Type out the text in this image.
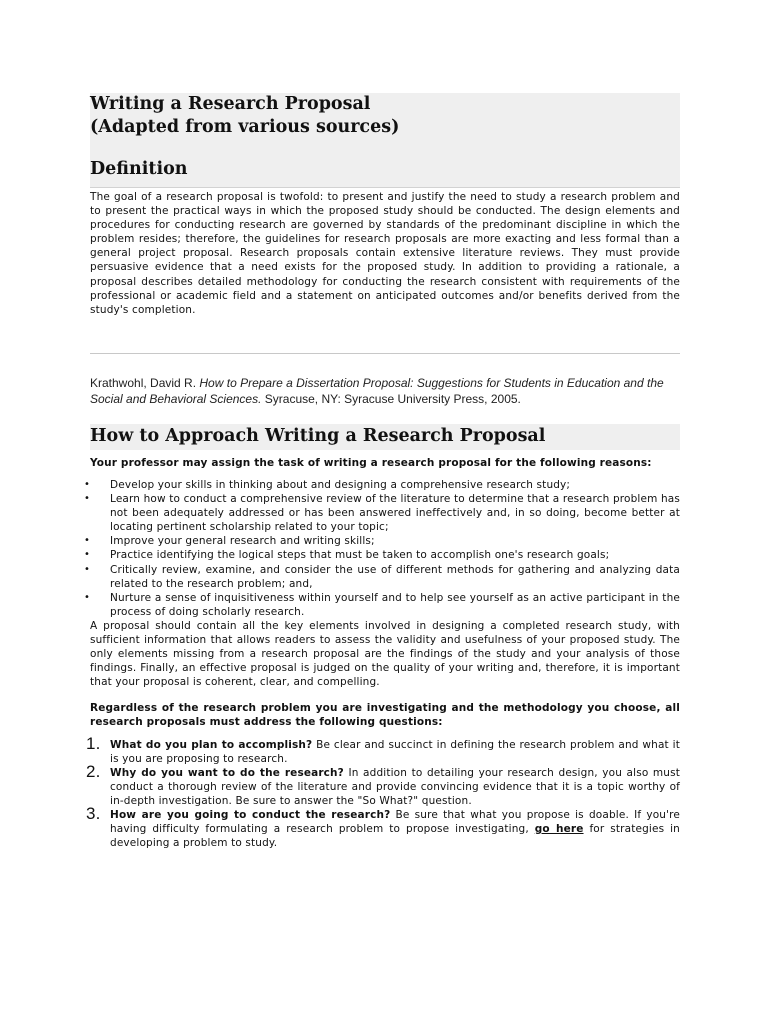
Writing a Research Proposal
(Adapted from various sources)
Definition

The goal of a research proposal is twofold: to present and justify the need to study a research problem and to present the practical ways in which the proposed study should be conducted. The design elements and procedures for conducting research are governed by standards of the predominant discipline in which the problem resides; therefore, the guidelines for research proposals are more exacting and less formal than a general project proposal. Research proposals contain extensive literature reviews. They must provide persuasive evidence that a need exists for the proposed study. In addition to providing a rationale, a proposal describes detailed methodology for conducting the research consistent with requirements of the professional or academic field and a statement on anticipated outcomes and/or benefits derived from the study's completion.

Krathwohl, David R. How to Prepare a Dissertation Proposal: Suggestions for Students in Education and the Social and Behavioral Sciences. Syracuse, NY: Syracuse University Press, 2005.

How to Approach Writing a Research Proposal

Your professor may assign the task of writing a research proposal for the following reasons:

• Develop your skills in thinking about and designing a comprehensive research study;
• Learn how to conduct a comprehensive review of the literature to determine that a research problem has not been adequately addressed or has been answered ineffectively and, in so doing, become better at locating pertinent scholarship related to your topic;
• Improve your general research and writing skills;
• Practice identifying the logical steps that must be taken to accomplish one's research goals;
• Critically review, examine, and consider the use of different methods for gathering and analyzing data related to the research problem; and,
• Nurture a sense of inquisitiveness within yourself and to help see yourself as an active participant in the process of doing scholarly research.

A proposal should contain all the key elements involved in designing a completed research study, with sufficient information that allows readers to assess the validity and usefulness of your proposed study. The only elements missing from a research proposal are the findings of the study and your analysis of those findings. Finally, an effective proposal is judged on the quality of your writing and, therefore, it is important that your proposal is coherent, clear, and compelling.

Regardless of the research problem you are investigating and the methodology you choose, all research proposals must address the following questions:

1. What do you plan to accomplish? Be clear and succinct in defining the research problem and what it is you are proposing to research.
2. Why do you want to do the research? In addition to detailing your research design, you also must conduct a thorough review of the literature and provide convincing evidence that it is a topic worthy of in-depth investigation. Be sure to answer the "So What?" question.
3. How are you going to conduct the research? Be sure that what you propose is doable. If you're having difficulty formulating a research problem to propose investigating, go here for strategies in developing a problem to study.
